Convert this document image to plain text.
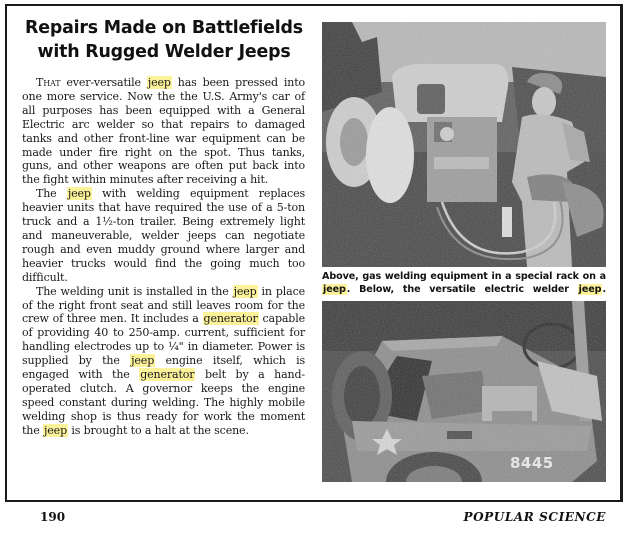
Repairs Made on Battlefields
with Rugged Welder Jeeps

That ever-versatile jeep has been pressed into one more service. Now the the U.S. Army's car of all purposes has been equipped with a General Electric arc welder so that repairs to damaged tanks and other front-line war equipment can be made under fire right on the spot. Thus tanks, guns, and other weapons are often put back into the fight within minutes after receiving a hit.

The jeep with welding equipment replaces heavier units that have required the use of a 5-ton truck and a 1½-ton trailer. Being extremely light and maneuverable, welder jeeps can negotiate rough and even muddy ground where larger and heavier trucks would find the going much too difficult.

The welding unit is installed in the jeep in place of the right front seat and still leaves room for the crew of three men. It includes a generator capable of providing 40 to 250-amp. current, sufficient for handling electrodes up to ¼" in diameter. Power is supplied by the jeep engine itself, which is engaged with the generator belt by a hand-operated clutch. A governor keeps the engine speed constant during welding. The highly mobile welding shop is thus ready for work the moment the jeep is brought to a halt at the scene.

Above, gas welding equipment in a special rack on a jeep. Below, the versatile electric welder jeep.
8445
190	POPULAR SCIENCE
